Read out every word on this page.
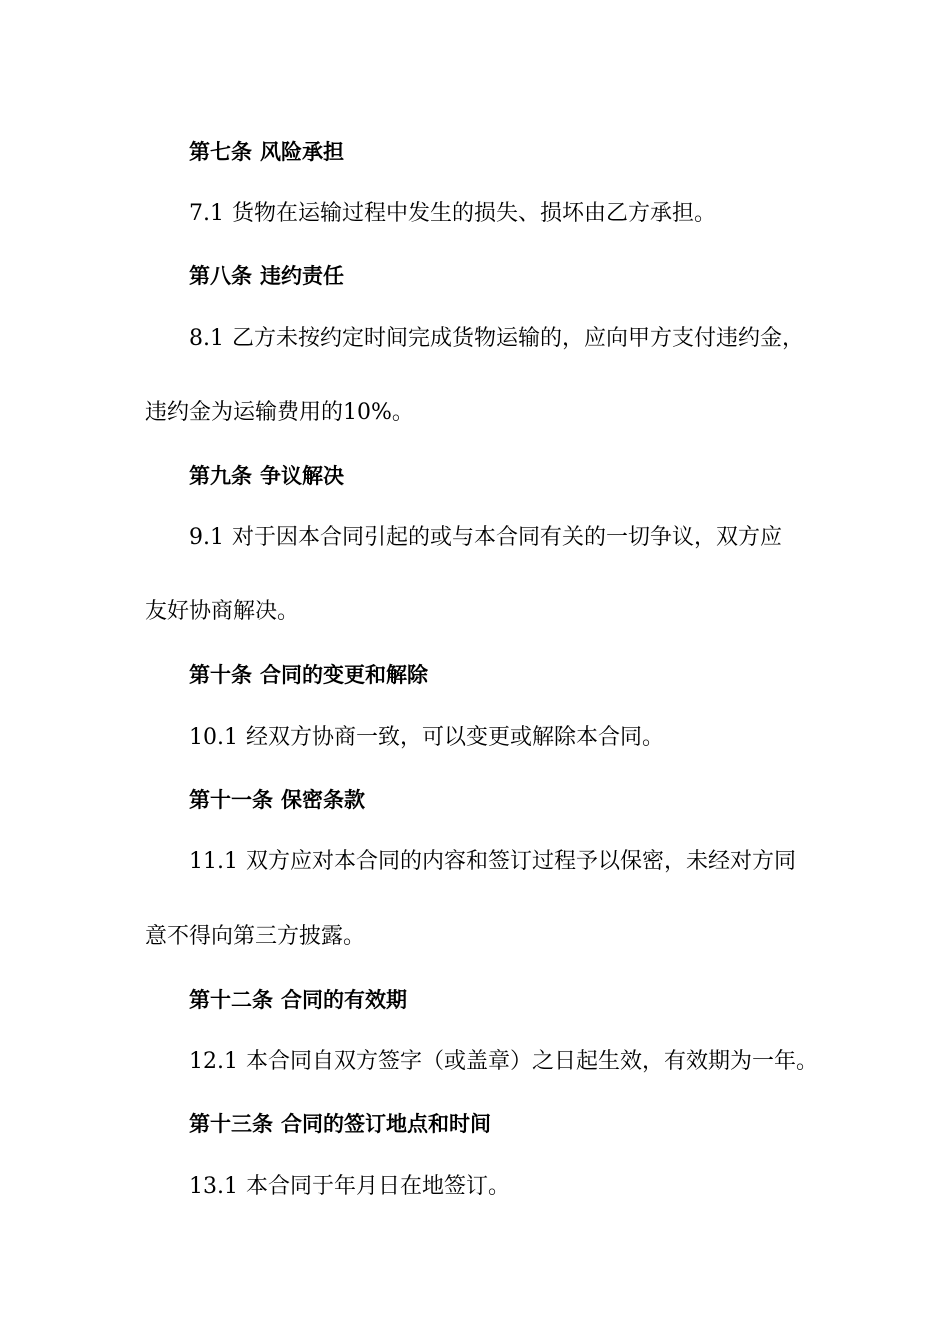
第七条 风险承担
7.1 货物在运输过程中发生的损失、损坏由乙方承担。
第八条 违约责任
8.1 乙方未按约定时间完成货物运输的，应向甲方支付违约金，
违约金为运输费用的10%。
第九条 争议解决
9.1 对于因本合同引起的或与本合同有关的一切争议，双方应
友好协商解决。
第十条 合同的变更和解除
10.1 经双方协商一致，可以变更或解除本合同。
第十一条 保密条款
11.1 双方应对本合同的内容和签订过程予以保密，未经对方同
意不得向第三方披露。
第十二条 合同的有效期
12.1 本合同自双方签字（或盖章）之日起生效，有效期为一年。
第十三条 合同的签订地点和时间
13.1 本合同于年月日在地签订。
